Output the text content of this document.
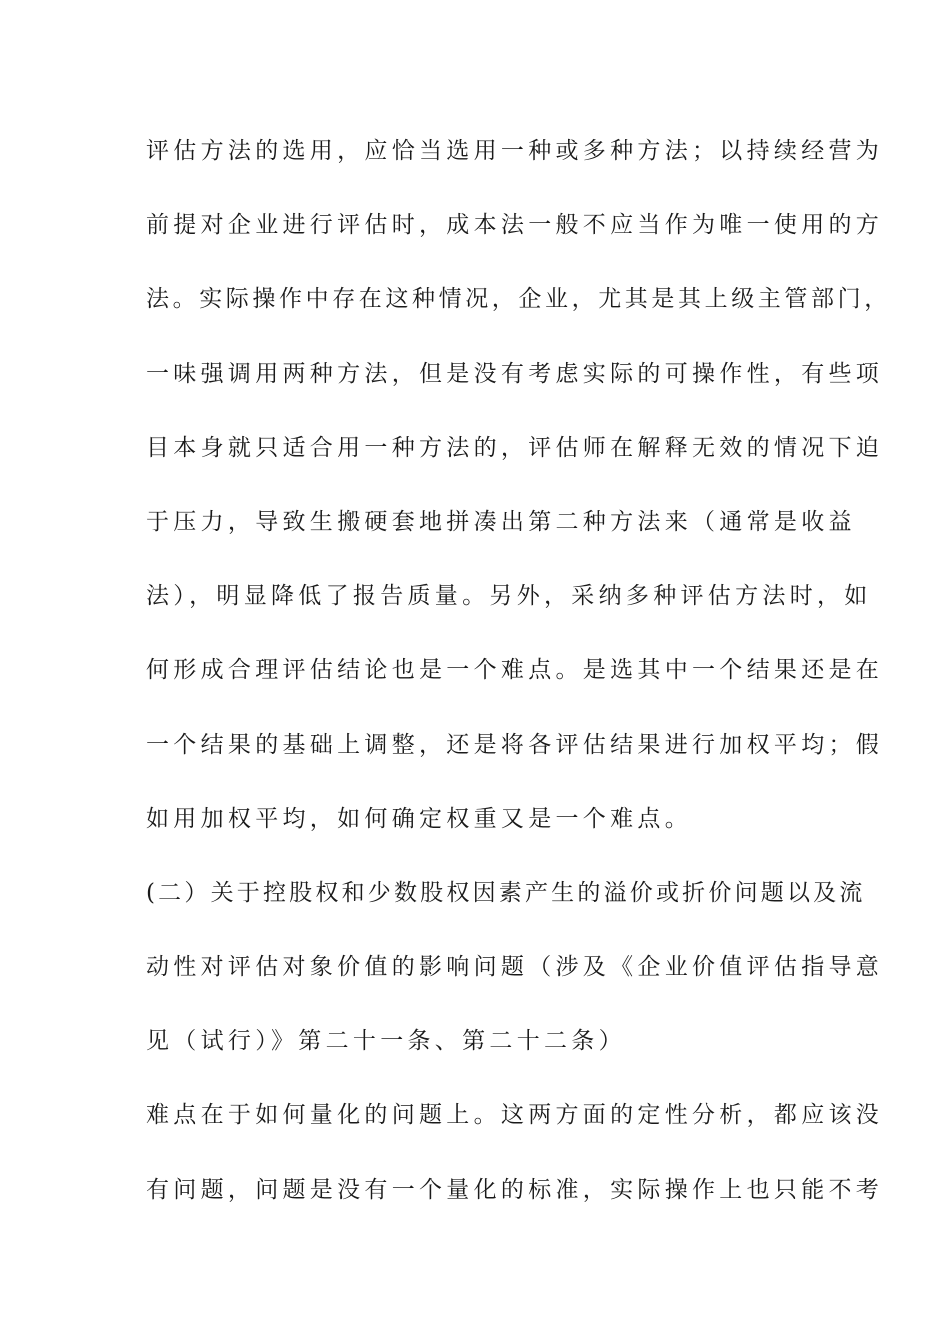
评估方法的选用，应恰当选用一种或多种方法；以持续经营为
前提对企业进行评估时，成本法一般不应当作为唯一使用的方
法。实际操作中存在这种情况，企业，尤其是其上级主管部门，
一味强调用两种方法，但是没有考虑实际的可操作性，有些项
目本身就只适合用一种方法的，评估师在解释无效的情况下迫
于压力，导致生搬硬套地拼凑出第二种方法来（通常是收益
法），明显降低了报告质量。另外，采纳多种评估方法时，如
何形成合理评估结论也是一个难点。是选其中一个结果还是在
一个结果的基础上调整，还是将各评估结果进行加权平均；假
如用加权平均，如何确定权重又是一个难点。
(二）关于控股权和少数股权因素产生的溢价或折价问题以及流
动性对评估对象价值的影响问题（涉及《企业价值评估指导意
见（试行）》第二十一条、第二十二条）
难点在于如何量化的问题上。这两方面的定性分析，都应该没
有问题，问题是没有一个量化的标准，实际操作上也只能不考
